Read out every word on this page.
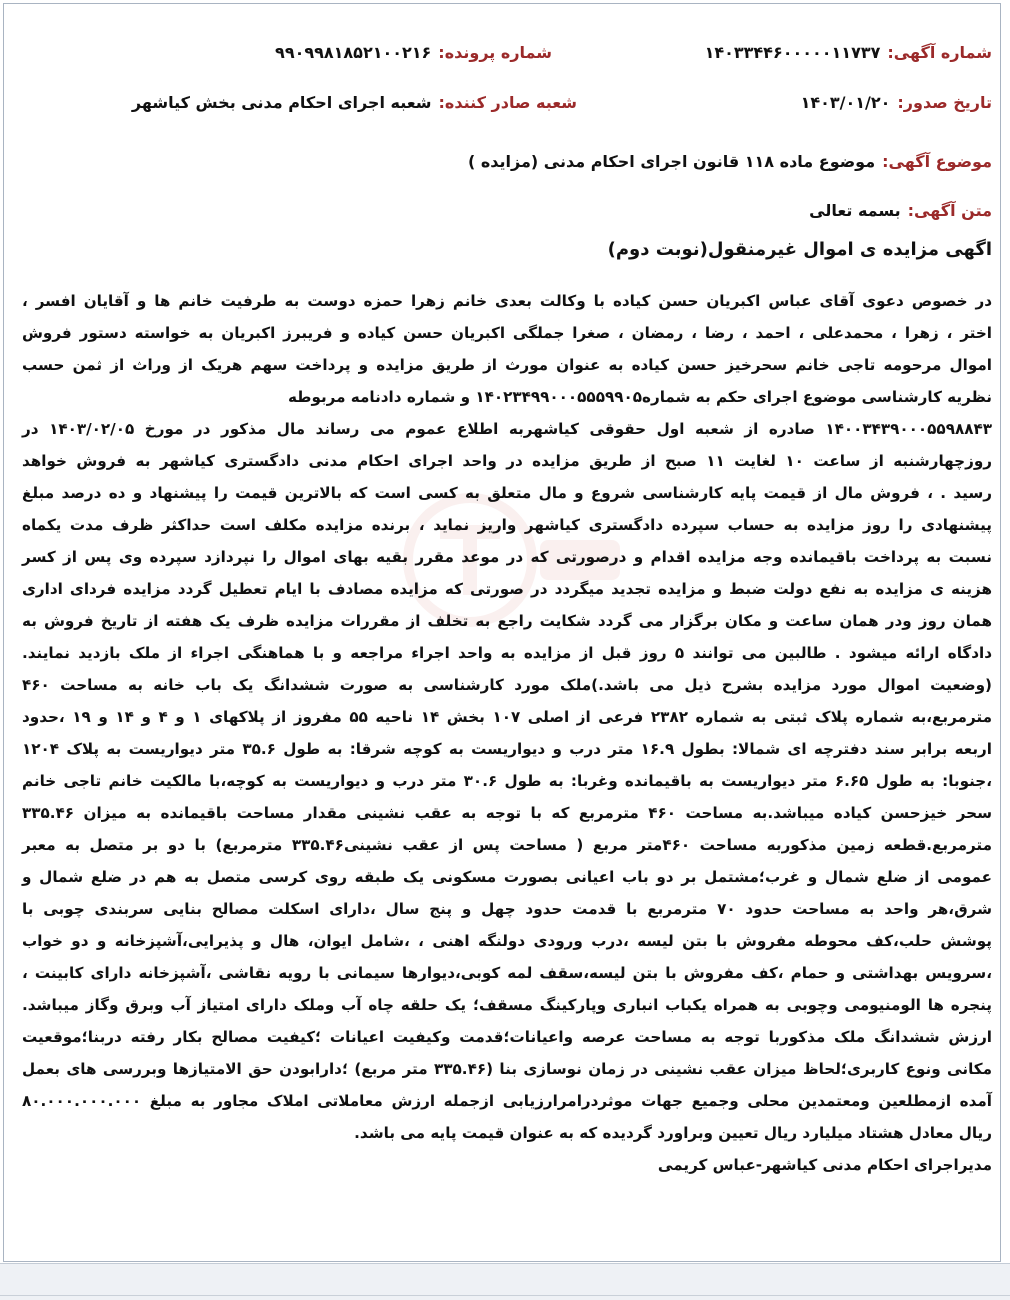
شماره آگهی:
۱۴۰۳۳۴۴۶۰۰۰۰۰۱۱۷۳۷
شماره پرونده:
۹۹۰۹۹۸۱۸۵۲۱۰۰۲۱۶
تاریخ صدور:
۱۴۰۳/۰۱/۲۰
شعبه صادر کننده:
شعبه اجرای احکام مدنی بخش کیاشهر
موضوع آگهی:
موضوع ماده ۱۱۸ قانون اجرای احکام مدنی (مزایده )
متن آگهی:
بسمه تعالی
اگهی مزایده ی اموال غیرمنقول(نوبت دوم)
در خصوص دعوی آقای عباس اکبریان حسن کیاده با وکالت بعدی خانم زهرا حمزه دوست به طرفیت خانم ها و آقایان افسر ،
اختر ، زهرا ، محمدعلی ، احمد ، رضا ، رمضان ، صغرا جملگی اکبریان حسن کیاده و فریبرز اکبریان به خواسته دستور فروش
اموال مرحومه تاجی خانم سحرخیز حسن کیاده به عنوان مورث از طریق مزایده و پرداخت سهم هریک از وراث از ثمن حسب
نظریه کارشناسی موضوع اجرای حکم به شماره۱۴۰۲۳۴۹۹۰۰۰۵۵۵۹۹۰۵ و شماره دادنامه مربوطه
۱۴۰۰۳۴۳۹۰۰۰۵۵۹۸۸۴۳ صادره از شعبه اول حقوقی کیاشهربه اطلاع عموم می رساند مال مذکور در مورخ ۱۴۰۳/۰۲/۰۵ در
روزچهارشنبه از ساعت ۱۰ لغایت ۱۱ صبح از طریق مزایده در واحد اجرای احکام مدنی دادگستری کیاشهر به فروش خواهد
رسید . ، فروش مال از قیمت پایه کارشناسی شروع و مال متعلق به کسی است که بالاترین قیمت را پیشنهاد و ده درصد مبلغ
پیشنهادی را روز مزایده به حساب سپرده دادگستری کیاشهر واریز نماید ، برنده مزایده مکلف است حداکثر ظرف مدت یکماه
نسبت به پرداخت باقیمانده وجه مزایده اقدام و درصورتی که در موعد مقرر بقیه بهای اموال را نپردازد سپرده وی پس از کسر
هزینه ی مزایده به نفع دولت ضبط و مزایده تجدید میگردد در صورتی که مزایده مصادف با ایام تعطیل گردد مزایده فردای اداری
همان روز ودر همان ساعت و مکان برگزار می گردد شکایت راجع به تخلف از مقررات مزایده ظرف یک هفته از تاریخ فروش به
دادگاه ارائه میشود . طالبین می توانند ۵ روز قبل از مزایده به واحد اجراء مراجعه و با هماهنگی اجراء از ملک بازدید نمایند.
(وضعیت اموال مورد مزایده بشرح ذیل می باشد.)ملک مورد کارشناسی به صورت ششدانگ یک باب خانه به مساحت ۴۶۰
مترمربع،به شماره پلاک ثبتی به شماره ۲۳۸۲ فرعی از اصلی ۱۰۷ بخش ۱۴ ناحیه ۵۵ مفروز از پلاکهای ۱ و ۴ و ۱۴ و ۱۹ ،حدود
اربعه برابر سند دفترچه ای شمالا: بطول ۱۶.۹ متر درب و دیواریست به کوچه شرقا: به طول ۳۵.۶ متر دیواریست به پلاک ۱۲۰۴
،جنوبا: به طول ۶.۶۵ متر دیواریست به باقیمانده وغربا: به طول ۳۰.۶ متر درب و دیواریست به کوچه،با مالکیت خانم تاجی خانم
سحر خیزحسن کیاده میباشد.به مساحت ۴۶۰ مترمربع که با توجه به عقب نشینی مقدار مساحت باقیمانده به میزان ۳۳۵.۴۶
مترمربع.قطعه زمین مذکوربه مساحت ۴۶۰متر مربع ( مساحت پس از عقب نشینی۳۳۵.۴۶ مترمربع) با دو بر متصل به معبر
عمومی از ضلع شمال و غرب؛مشتمل بر دو باب اعیانی بصورت مسکونی یک طبقه روی کرسی متصل به هم در ضلع شمال و
شرق،هر واحد به مساحت حدود ۷۰ مترمربع با قدمت حدود چهل و پنج سال ،دارای اسکلت مصالح بنایی سربندی چوبی با
پوشش حلب،کف محوطه مفروش با بتن لیسه ،درب ورودی دولنگه اهنی ، ،شامل ایوان، هال و پذیرایی،آشپزخانه و دو خواب
،سرویس بهداشتی و حمام ،کف مفروش با بتن لیسه،سقف لمه کوبی،دیوارها سیمانی با رویه نقاشی ،آشپزخانه دارای کابینت ،
پنجره ها الومنیومی وچوبی به همراه یکباب انباری وپارکینگ مسقف؛ یک حلقه چاه آب وملک دارای امتیاز آب وبرق وگاز میباشد.
ارزش ششدانگ ملک مذکوربا توجه به مساحت عرصه واعیانات؛قدمت وکیفیت اعیانات ؛کیفیت مصالح بکار رفته دربنا؛موقعیت
مکانی ونوع کاربری؛لحاظ میزان عقب نشینی در زمان نوسازی بنا (۳۳۵.۴۶ متر مربع) ؛دارابودن حق الامتیازها وبررسی های بعمل
آمده ازمطلعین ومعتمدین محلی وجمیع جهات موثردرامرارزیابی ازجمله ارزش معاملاتی املاک مجاور به مبلغ ۸۰.۰۰۰.۰۰۰.۰۰۰
ریال معادل هشتاد میلیارد ریال تعیین وبراورد گردیده که به عنوان قیمت پایه می باشد.
مدیراجرای احکام مدنی کیاشهر-عباس کریمی
